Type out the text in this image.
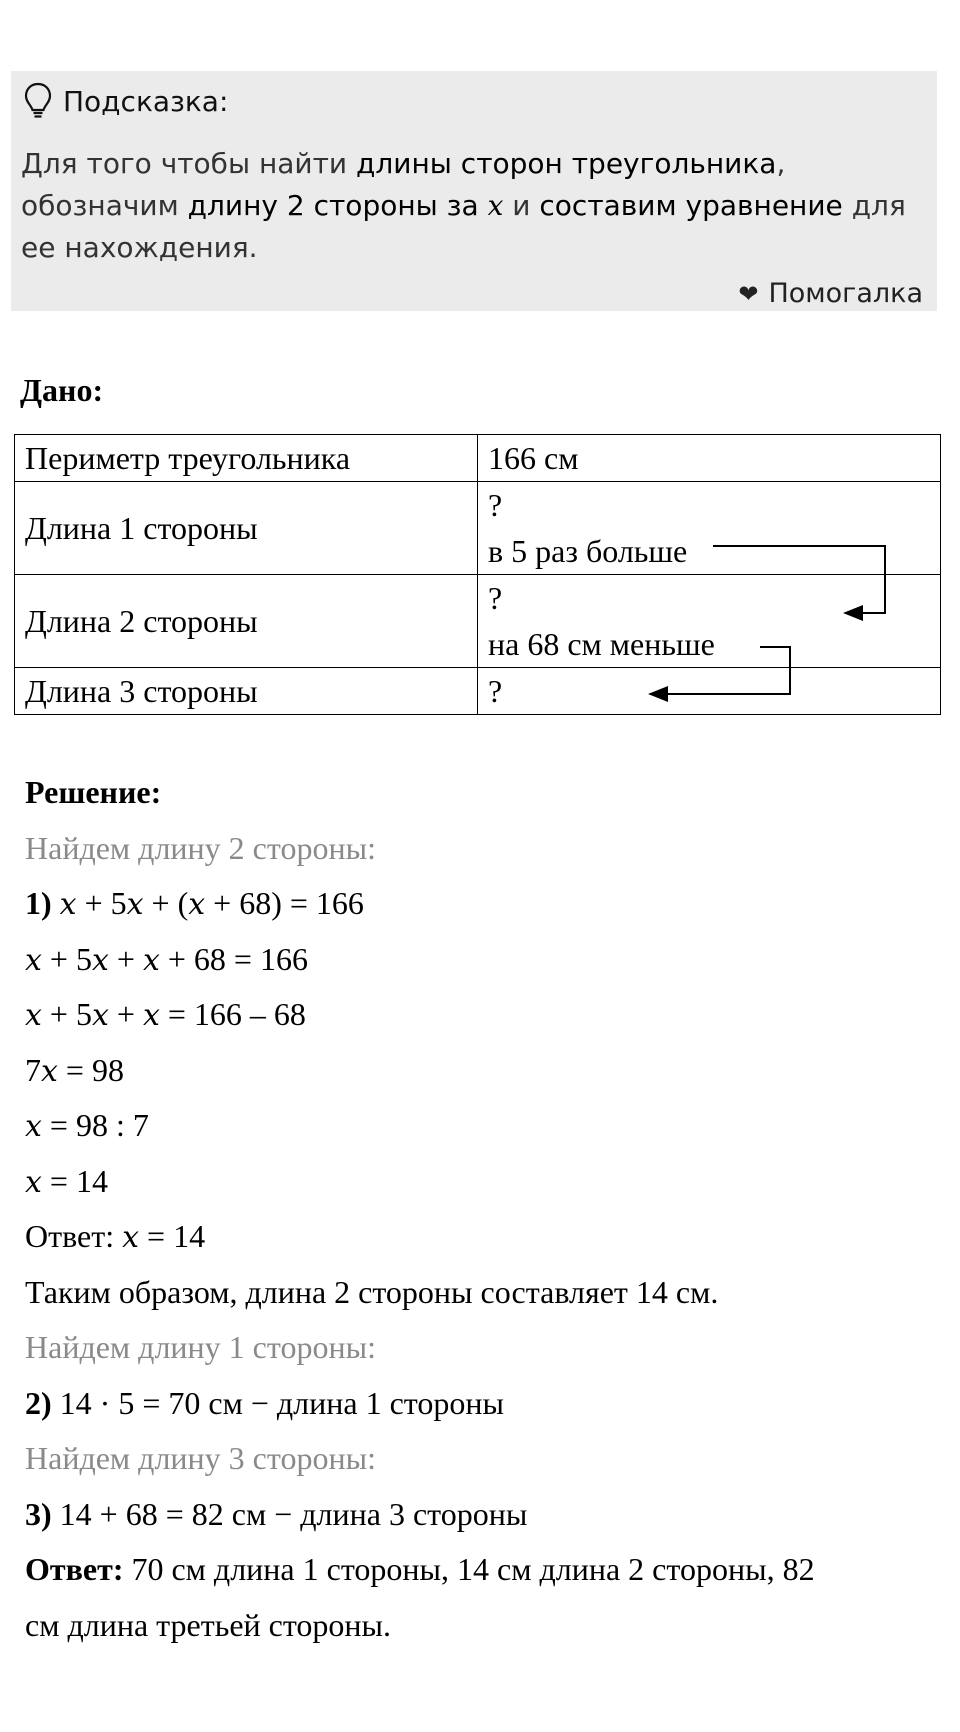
Подсказка:
Для того чтобы найти длины сторон треугольника, обозначим длину 2 стороны за x и составим уравнение для ее нахождения.
❤ Помогалка
Дано:
Периметр треугольника	166 см
Длина 1 стороны	?
в 5 раз больше

Длина 2 стороны	?
на 68 см меньше

Длина 3 стороны	?
Решение:
Найдем длину 2 стороны:
1) x + 5x + (x + 68) = 166
x + 5x + x + 68 = 166
x + 5x + x = 166 – 68
7x = 98
x = 98 : 7
x = 14
Ответ: x = 14
Таким образом, длина 2 стороны составляет 14 см.
Найдем длину 1 стороны:
2) 14 · 5 = 70 см − длина 1 стороны
Найдем длину 3 стороны:
3) 14 + 68 = 82 см − длина 3 стороны
Ответ: 70 см длина 1 стороны, 14 см длина 2 стороны, 82
см длина третьей стороны.
